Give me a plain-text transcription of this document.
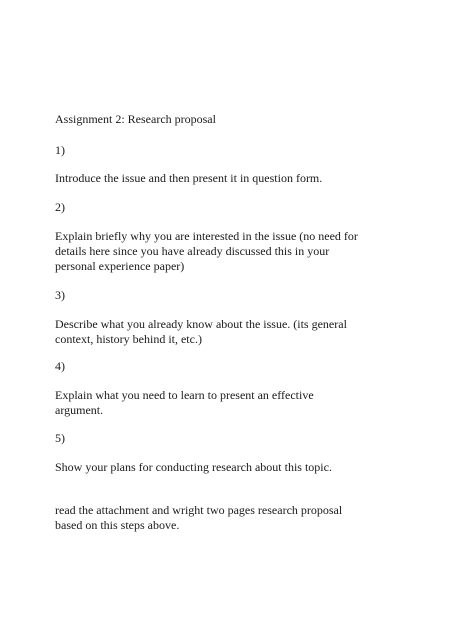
Assignment 2: Research proposal

1)

Introduce the issue and then present it in question form.

2)

Explain briefly why you are interested in the issue (no need for
details here since you have already discussed this in your
personal experience paper)

3)

Describe what you already know about the issue. (its general
context, history behind it, etc.)

4)

Explain what you need to learn to present an effective
argument.

5)

Show your plans for conducting research about this topic.

read the attachment and wright two pages research proposal
based on this steps above.
